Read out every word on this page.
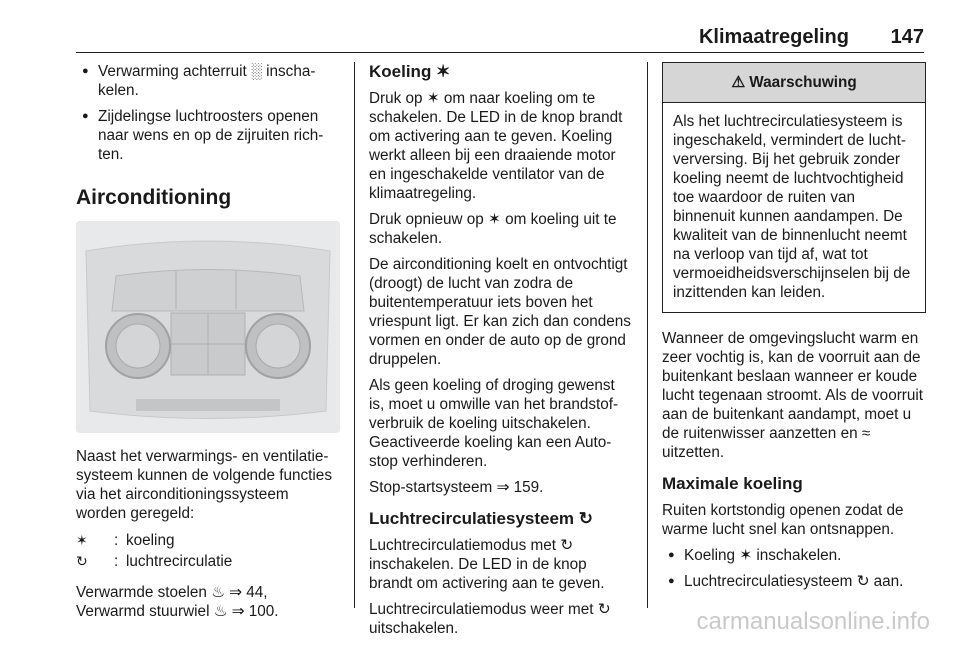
Klimaatregeling 147
● Verwarming achterruit ░ inschakelen.
● Zijdelingse luchtroosters openen naar wens en op de zijruiten richten.
Airconditioning

Naast het verwarmings- en ventilatiesysteem kunnen de volgende functies via het airconditioningssysteem worden geregeld:

✶	: koeling
↻	: luchtrecirculatie

Verwarmde stoelen ♨ ⇒ 44, Verwarmd stuurwiel ♨ ⇒ 100.

Koeling ✶

Druk op ✶ om naar koeling om te schakelen. De LED in de knop brandt om activering aan te geven. Koeling werkt alleen bij een draaiende motor en ingeschakelde ventilator van de klimaatregeling.

Druk opnieuw op ✶ om koeling uit te schakelen.

De airconditioning koelt en ontvochtigt (droogt) de lucht van zodra de buitentemperatuur iets boven het vriespunt ligt. Er kan zich dan condens vormen en onder de auto op de grond druppelen.

Als geen koeling of droging gewenst is, moet u omwille van het brandstofverbruik de koeling uitschakelen. Geactiveerde koeling kan een Auto-stop verhinderen.

Stop-startsysteem ⇒ 159.

Luchtrecirculatiesysteem ↻

Luchtrecirculatiemodus met ↻ inschakelen. De LED in de knop brandt om activering aan te geven.

Luchtrecirculatiemodus weer met ↻ uitschakelen.

⚠ Waarschuwing
Als het luchtrecirculatiesysteem is ingeschakeld, vermindert de luchtverversing. Bij het gebruik zonder koeling neemt de luchtvochtigheid toe waardoor de ruiten van binnenuit kunnen aandampen. De kwaliteit van de binnenlucht neemt na verloop van tijd af, wat tot vermoeidheidsverschijnselen bij de inzittenden kan leiden.

Wanneer de omgevingslucht warm en zeer vochtig is, kan de voorruit aan de buitenkant beslaan wanneer er koude lucht tegenaan stroomt. Als de voorruit aan de buitenkant aandampt, moet u de ruitenwisser aanzetten en ≈ uitzetten.

Maximale koeling

Ruiten kortstondig openen zodat de warme lucht snel kan ontsnappen.

● Koeling ✶ inschakelen.
● Luchtrecirculatiesysteem ↻ aan.
carmanualsonline.info
